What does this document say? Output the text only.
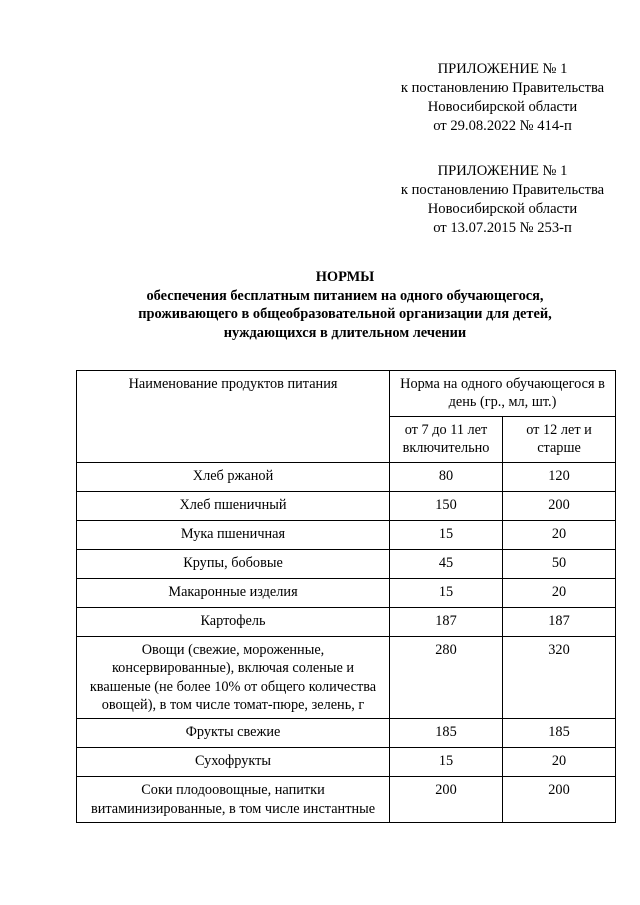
ПРИЛОЖЕНИЕ № 1
к постановлению Правительства
Новосибирской области
от 29.08.2022 № 414-п
ПРИЛОЖЕНИЕ № 1
к постановлению Правительства
Новосибирской области
от 13.07.2015 № 253-п
НОРМЫ
обеспечения бесплатным питанием на одного обучающегося,
проживающего в общеобразовательной организации для детей,
нуждающихся в длительном лечении
Наименование продуктов питания	Норма на одного обучающегося в день (гр., мл, шт.)	
	от 7 до 11 лет включительно	от 12 лет и старше
Хлеб ржаной	80	120
Хлеб пшеничный	150	200
Мука пшеничная	15	20
Крупы, бобовые	45	50
Макаронные изделия	15	20
Картофель	187	187
Овощи (свежие, мороженные, консервированные), включая соленые и квашеные (не более 10% от общего количества овощей), в том числе томат-пюре, зелень, г	280	320
Фрукты свежие	185	185
Сухофрукты	15	20
Соки плодоовощные, напитки витаминизированные, в том числе инстантные	200	200
